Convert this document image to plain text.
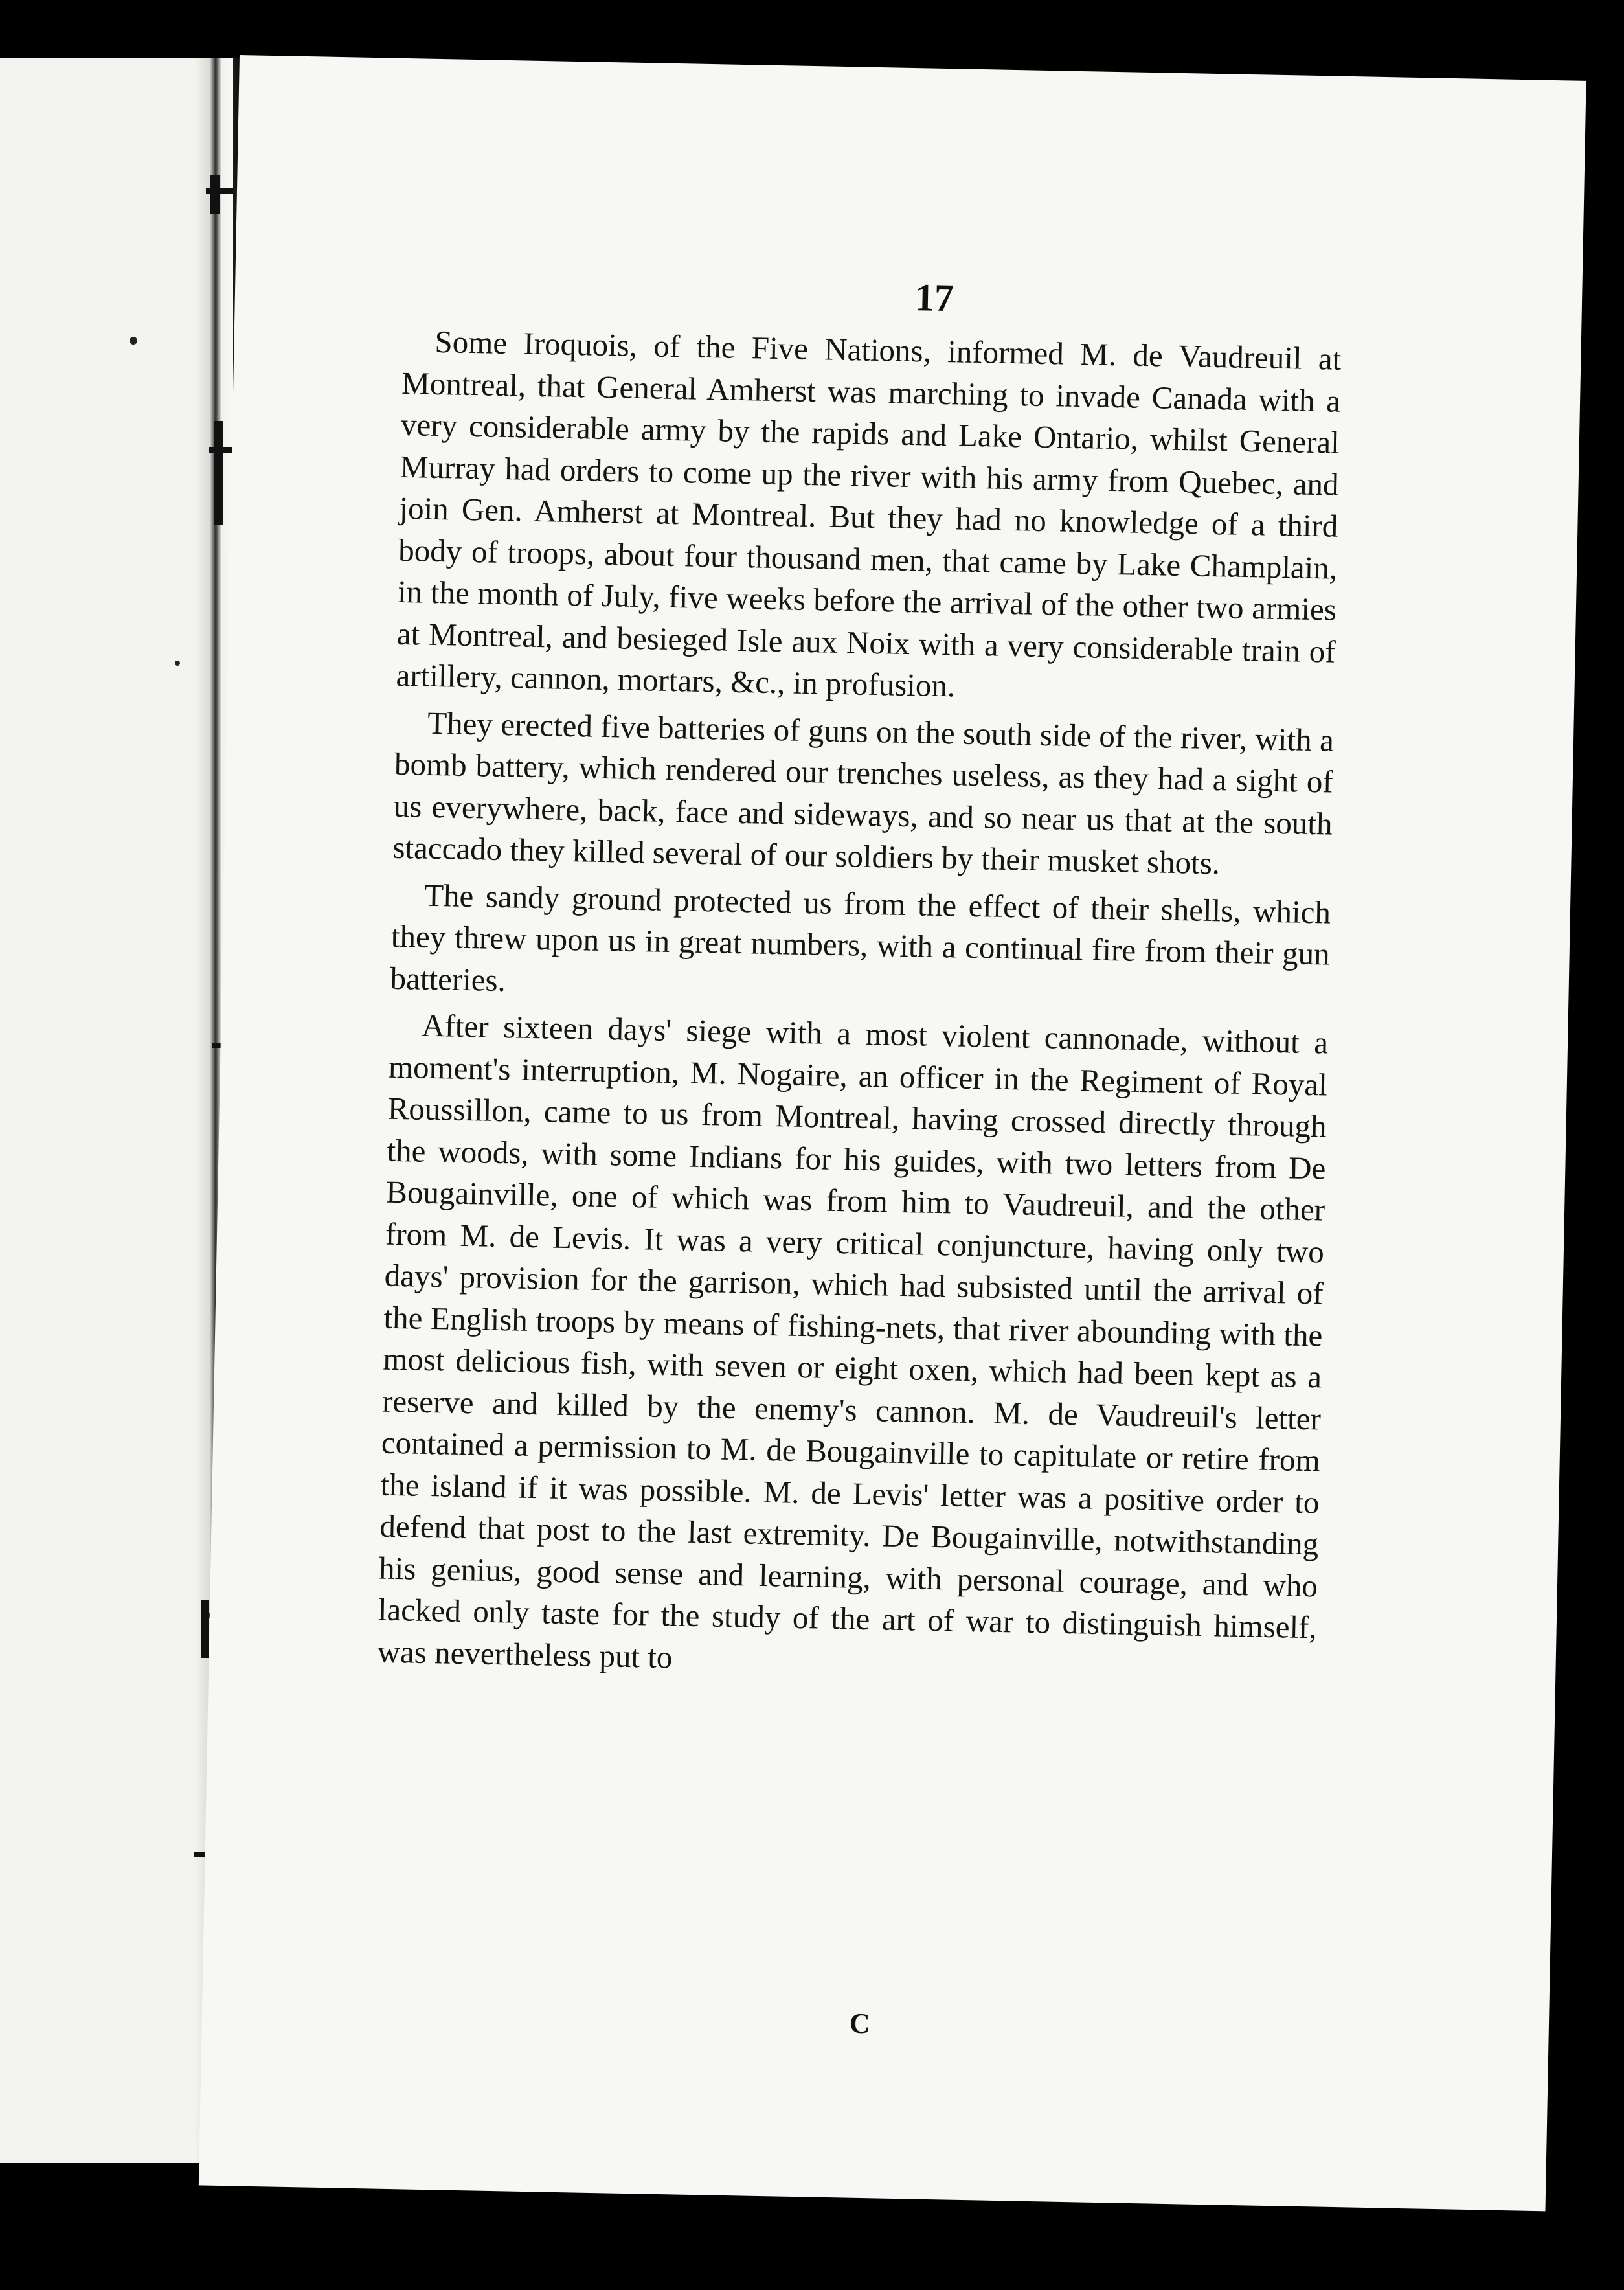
17

Some Iroquois, of the Five Nations, informed M. de Vaudreuil at Montreal, that General Amherst was marching to invade Canada with a very considerable army by the rapids and Lake Ontario, whilst General Murray had orders to come up the river with his army from Quebec, and join Gen. Amherst at Montreal. But they had no knowledge of a third body of troops, about four thousand men, that came by Lake Champlain, in the month of July, five weeks before the arrival of the other two armies at Montreal, and besieged Isle aux Noix with a very considerable train of artillery, cannon, mortars, &c., in profusion.

They erected five batteries of guns on the south side of the river, with a bomb battery, which rendered our trenches useless, as they had a sight of us everywhere, back, face and sideways, and so near us that at the south staccado they killed several of our soldiers by their musket shots.

The sandy ground protected us from the effect of their shells, which they threw upon us in great numbers, with a continual fire from their gun batteries.

After sixteen days' siege with a most violent cannonade, without a moment's interruption, M. Nogaire, an officer in the Regiment of Royal Roussillon, came to us from Montreal, having crossed directly through the woods, with some Indians for his guides, with two letters from De Bougainville, one of which was from him to Vaudreuil, and the other from M. de Levis. It was a very critical conjuncture, having only two days' provision for the garrison, which had subsisted until the arrival of the English troops by means of fishing-nets, that river abounding with the most delicious fish, with seven or eight oxen, which had been kept as a reserve and killed by the enemy's cannon. M. de Vaudreuil's letter contained a permission to M. de Bougainville to capitulate or retire from the island if it was possible. M. de Levis' letter was a positive order to defend that post to the last extremity. De Bougainville, notwithstanding his genius, good sense and learning, with personal courage, and who lacked only taste for the study of the art of war to distinguish himself, was nevertheless put to

C
